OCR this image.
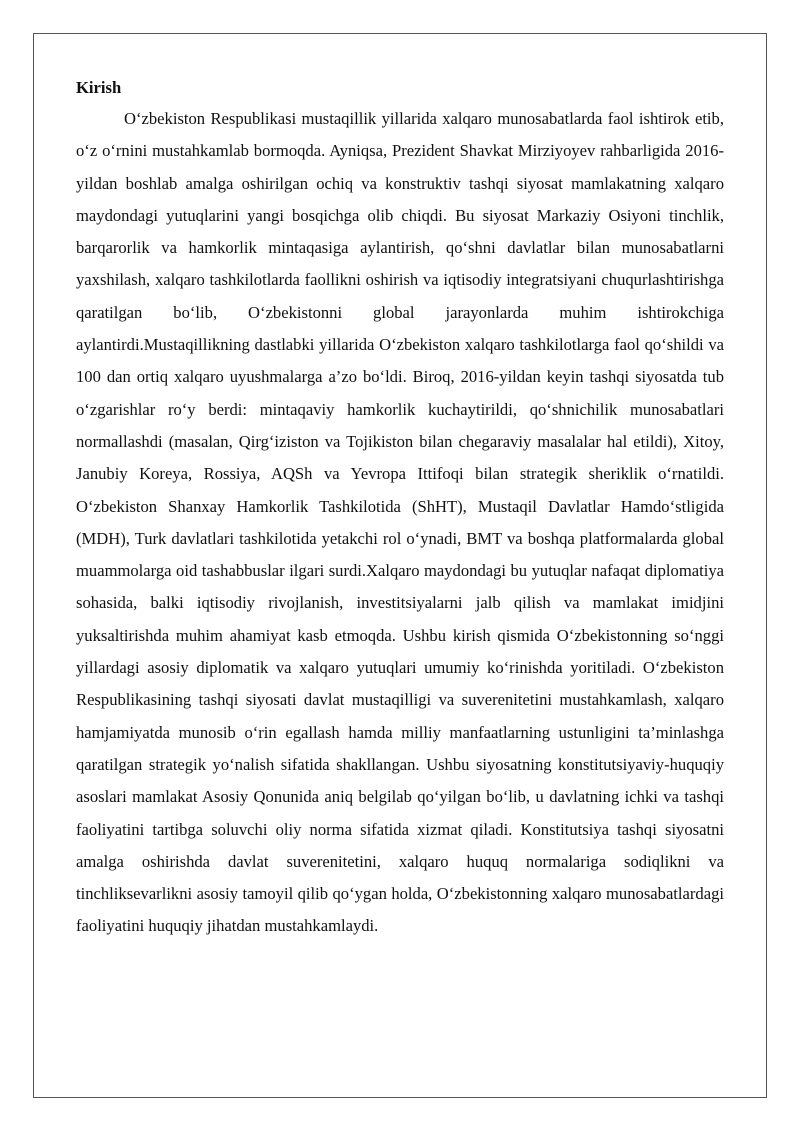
Kirish

O‘zbekiston Respublikasi mustaqillik yillarida xalqaro munosabatlarda faol ishtirok etib, o‘z o‘rnini mustahkamlab bormoqda. Ayniqsa, Prezident Shavkat Mirziyoyev rahbarligida 2016-yildan boshlab amalga oshirilgan ochiq va konstruktiv tashqi siyosat mamlakatning xalqaro maydondagi yutuqlarini yangi bosqichga olib chiqdi. Bu siyosat Markaziy Osiyoni tinchlik, barqarorlik va hamkorlik mintaqasiga aylantirish, qo‘shni davlatlar bilan munosabatlarni yaxshilash, xalqaro tashkilotlarda faollikni oshirish va iqtisodiy integratsiyani chuqurlashtirishga qaratilgan bo‘lib, O‘zbekistonni global jarayonlarda muhim ishtirokchiga aylantirdi.Mustaqillikning dastlabki yillarida O‘zbekiston xalqaro tashkilotlarga faol qo‘shildi va 100 dan ortiq xalqaro uyushmalarga a’zo bo‘ldi. Biroq, 2016-yildan keyin tashqi siyosatda tub o‘zgarishlar ro‘y berdi: mintaqaviy hamkorlik kuchaytirildi, qo‘shnichilik munosabatlari normallashdi (masalan, Qirg‘iziston va Tojikiston bilan chegaraviy masalalar hal etildi), Xitoy, Janubiy Koreya, Rossiya, AQSh va Yevropa Ittifoqi bilan strategik sheriklik o‘rnatildi. O‘zbekiston Shanxay Hamkorlik Tashkilotida (ShHT), Mustaqil Davlatlar Hamdo‘stligida (MDH), Turk davlatlari tashkilotida yetakchi rol o‘ynadi, BMT va boshqa platformalarda global muammolarga oid tashabbuslar ilgari surdi.Xalqaro maydondagi bu yutuqlar nafaqat diplomatiya sohasida, balki iqtisodiy rivojlanish, investitsiyalarni jalb qilish va mamlakat imidjini yuksaltirishda muhim ahamiyat kasb etmoqda. Ushbu kirish qismida O‘zbekistonning so‘nggi yillardagi asosiy diplomatik va xalqaro yutuqlari umumiy ko‘rinishda yoritiladi. O‘zbekiston Respublikasining tashqi siyosati davlat mustaqilligi va suverenitetini mustahkamlash, xalqaro hamjamiyatda munosib o‘rin egallash hamda milliy manfaatlarning ustunligini ta’minlashga qaratilgan strategik yo‘nalish sifatida shakllangan. Ushbu siyosatning konstitutsiyaviy-huquqiy asoslari mamlakat Asosiy Qonunida aniq belgilab qo‘yilgan bo‘lib, u davlatning ichki va tashqi faoliyatini tartibga soluvchi oliy norma sifatida xizmat qiladi. Konstitutsiya tashqi siyosatni amalga oshirishda davlat suverenitetini, xalqaro huquq normalariga sodiqlikni va tinchliksevarlikni asosiy tamoyil qilib qo‘ygan holda, O‘zbekistonning xalqaro munosabatlardagi faoliyatini huquqiy jihatdan mustahkamlaydi.
